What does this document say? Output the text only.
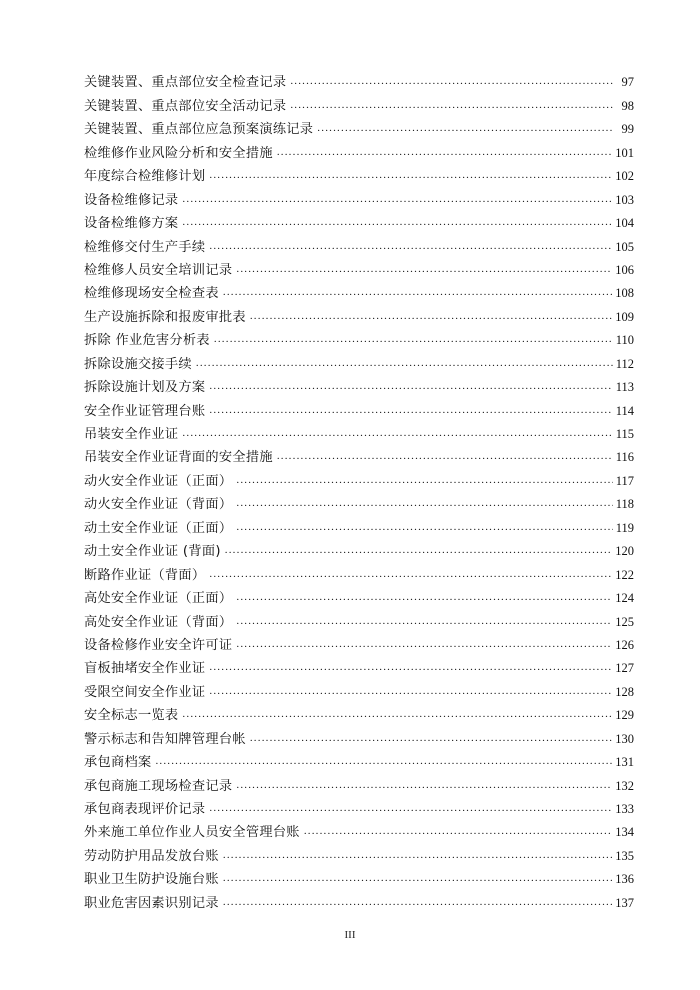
关键装置、重点部位安全检查记录 .....	97
关键装置、重点部位安全活动记录 .....	98
关键装置、重点部位应急预案演练记录 .....	99
检维修作业风险分析和安全措施 .....	101
年度综合检维修计划 .....	102
设备检维修记录 .....	103
设备检维修方案 .....	104
检维修交付生产手续 .....	105
检维修人员安全培训记录 .....	106
检维修现场安全检查表 .....	108
生产设施拆除和报废审批表 .....	109
拆除 作业危害分析表 .....	110
拆除设施交接手续 .....	112
拆除设施计划及方案 .....	113
安全作业证管理台账 .....	114
吊装安全作业证 .....	115
吊装安全作业证背面的安全措施 .....	116
动火安全作业证（正面） .....	117
动火安全作业证（背面） .....	118
动土安全作业证（正面） .....	119
动土安全作业证 (背面) .....	120
断路作业证（背面） .....	122
高处安全作业证（正面） .....	124
高处安全作业证（背面） .....	125
设备检修作业安全许可证 .....	126
盲板抽堵安全作业证 .....	127
受限空间安全作业证 .....	128
安全标志一览表 .....	129
警示标志和告知牌管理台帐 .....	130
承包商档案 .....	131
承包商施工现场检查记录 .....	132
承包商表现评价记录 .....	133
外来施工单位作业人员安全管理台账 .....	134
劳动防护用品发放台账 .....	135
职业卫生防护设施台账 .....	136
职业危害因素识别记录 .....	137
III
